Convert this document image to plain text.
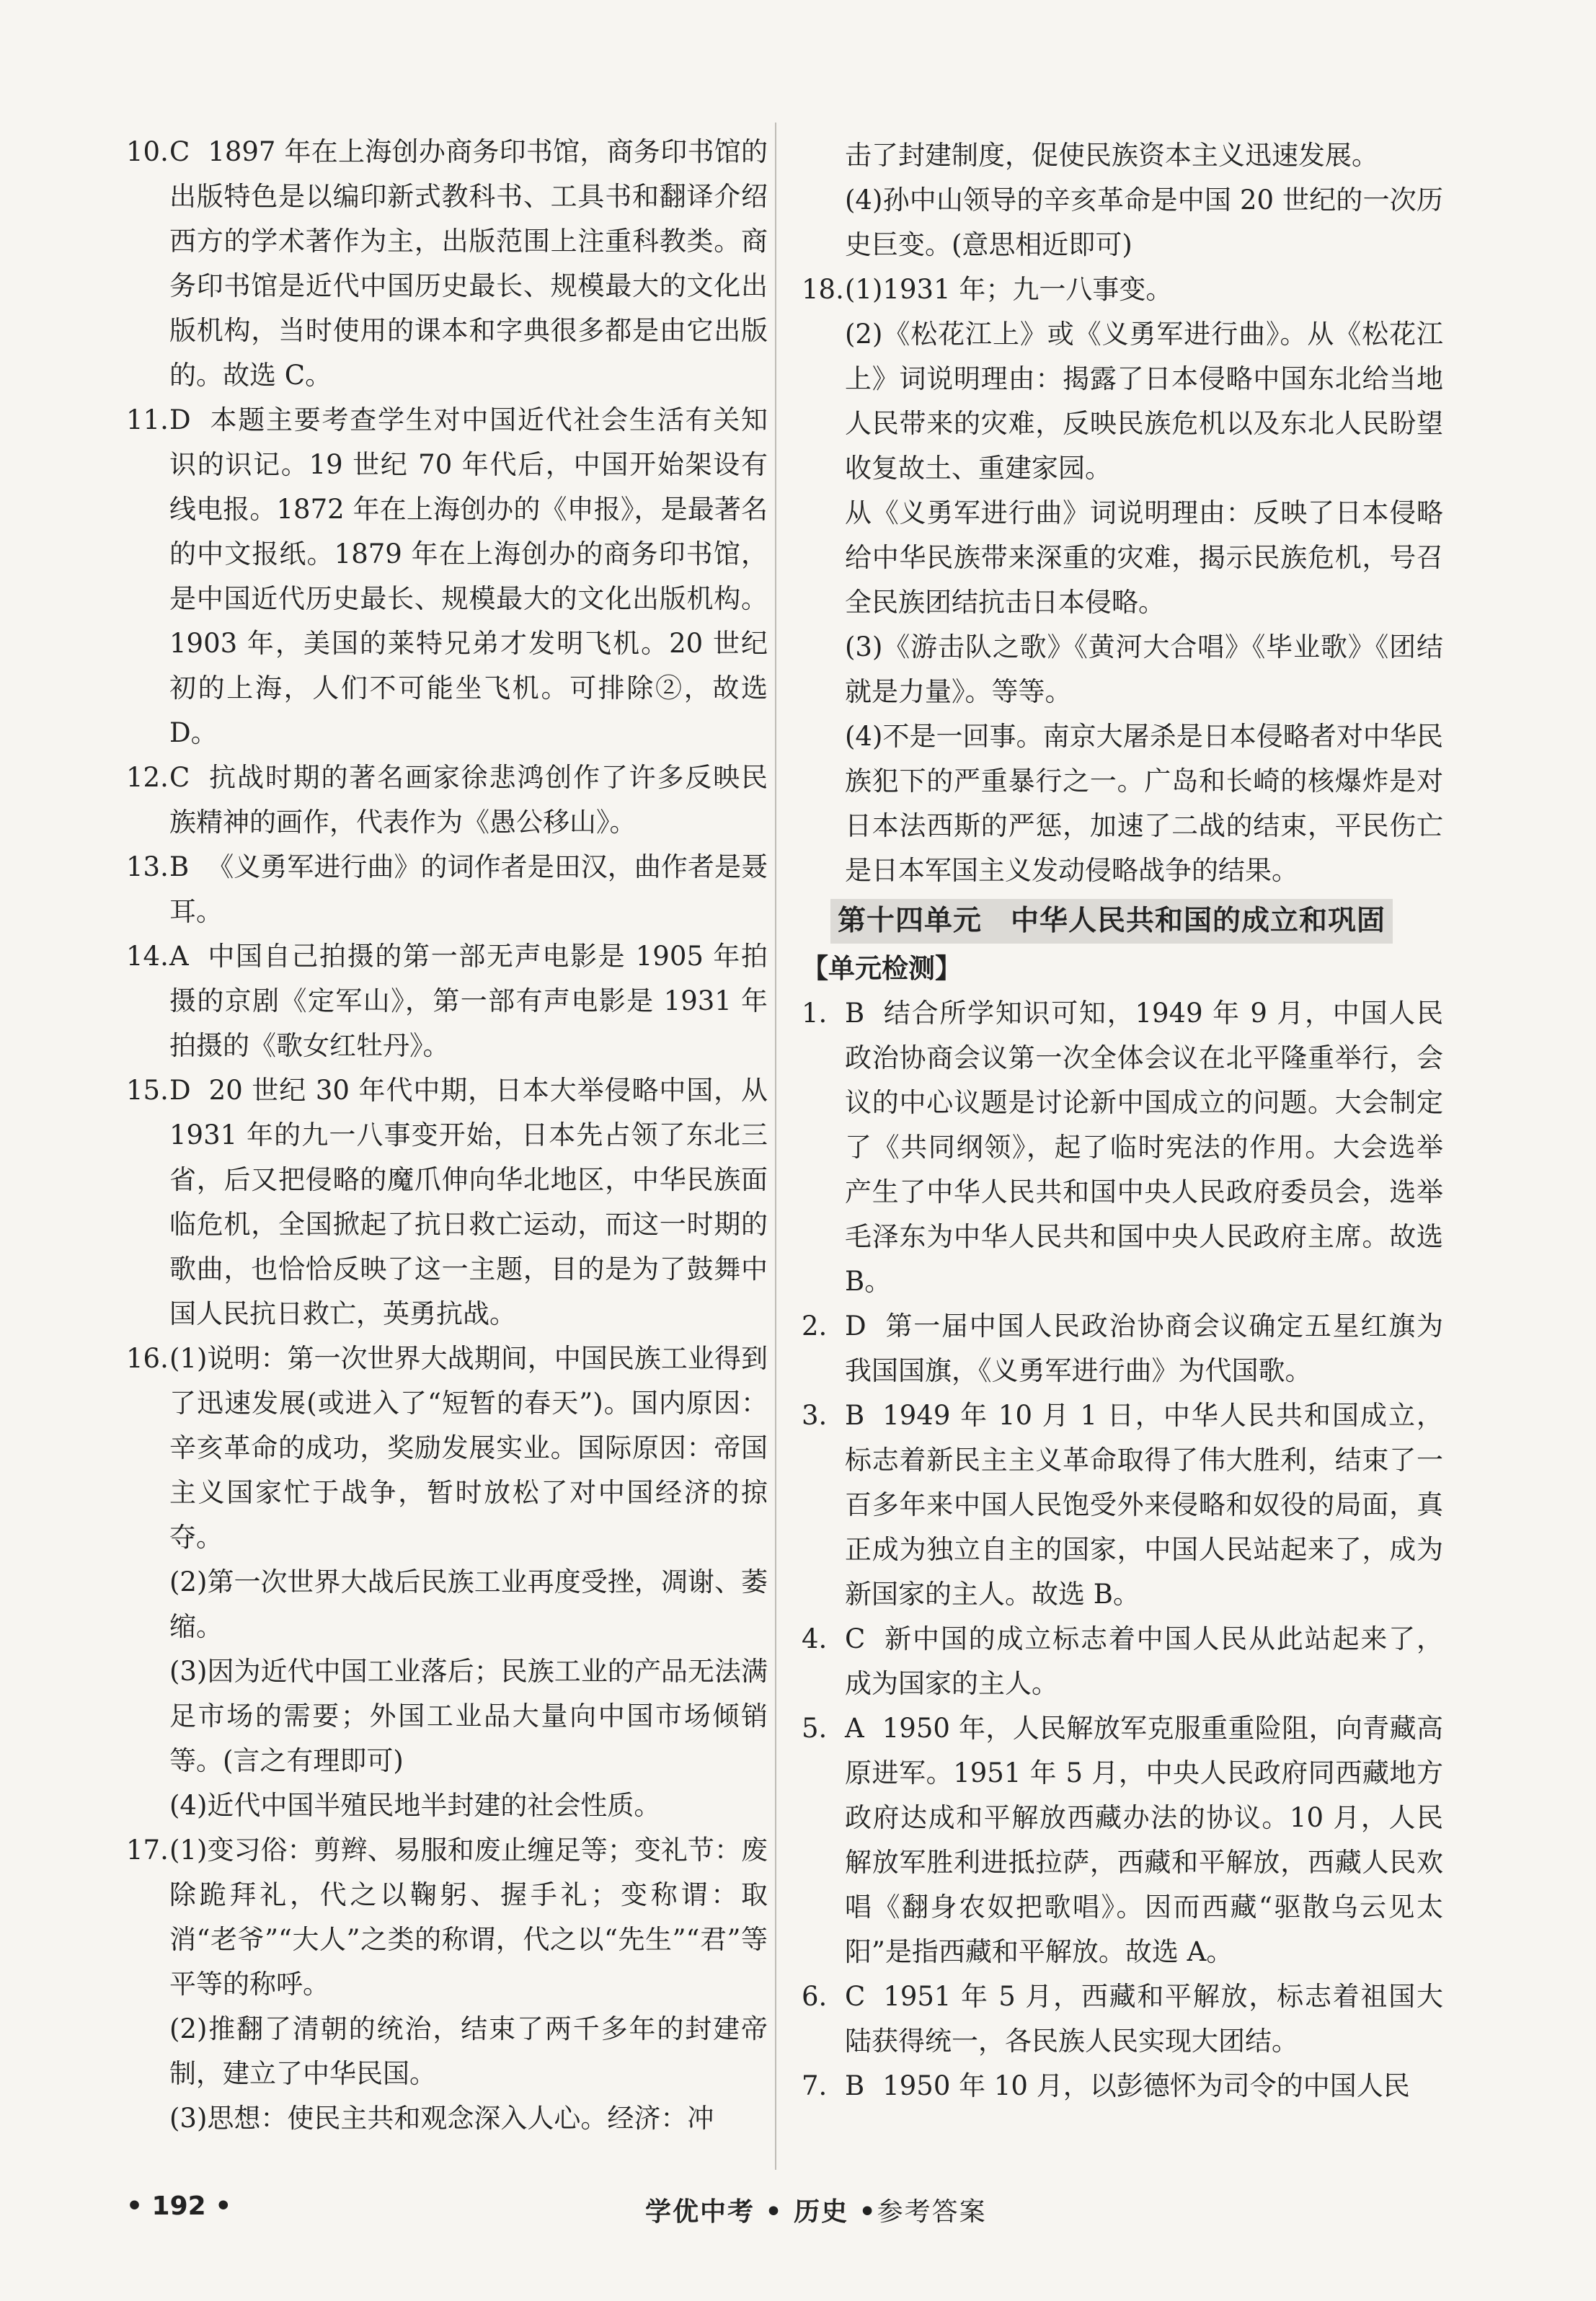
10. C 1897 年在上海创办商务印书馆，商务印书馆的出版特色是以编印新式教科书、工具书和翻译介绍西方的学术著作为主，出版范围上注重科教类。商务印书馆是近代中国历史最长、规模最大的文化出版机构，当时使用的课本和字典很多都是由它出版的。故选 C。

11. D 本题主要考查学生对中国近代社会生活有关知识的识记。19 世纪 70 年代后，中国开始架设有线电报。1872 年在上海创办的《申报》，是最著名的中文报纸。1879 年在上海创办的商务印书馆，是中国近代历史最长、规模最大的文化出版机构。1903 年，美国的莱特兄弟才发明飞机。20 世纪初的上海，人们不可能坐飞机。可排除②，故选 D。

12. C 抗战时期的著名画家徐悲鸿创作了许多反映民族精神的画作，代表作为《愚公移山》。

13. B 《义勇军进行曲》的词作者是田汉，曲作者是聂耳。

14. A 中国自己拍摄的第一部无声电影是 1905 年拍摄的京剧《定军山》，第一部有声电影是 1931 年拍摄的《歌女红牡丹》。

15. D 20 世纪 30 年代中期，日本大举侵略中国，从 1931 年的九一八事变开始，日本先占领了东北三省，后又把侵略的魔爪伸向华北地区，中华民族面临危机，全国掀起了抗日救亡运动，而这一时期的歌曲，也恰恰反映了这一主题，目的是为了鼓舞中国人民抗日救亡，英勇抗战。

16. (1)说明：第一次世界大战期间，中国民族工业得到了迅速发展(或进入了“短暂的春天”)。国内原因：辛亥革命的成功，奖励发展实业。国际原因：帝国主义国家忙于战争，暂时放松了对中国经济的掠夺。

(2)第一次世界大战后民族工业再度受挫，凋谢、萎缩。

(3)因为近代中国工业落后；民族工业的产品无法满足市场的需要；外国工业品大量向中国市场倾销等。(言之有理即可)

(4)近代中国半殖民地半封建的社会性质。

17. (1)变习俗：剪辫、易服和废止缠足等；变礼节：废除跪拜礼，代之以鞠躬、握手礼；变称谓：取消“老爷”“大人”之类的称谓，代之以“先生”“君”等平等的称呼。

(2)推翻了清朝的统治，结束了两千多年的封建帝制，建立了中华民国。

(3)思想：使民主共和观念深入人心。经济：冲

击了封建制度，促使民族资本主义迅速发展。

(4)孙中山领导的辛亥革命是中国 20 世纪的一次历史巨变。(意思相近即可)

18. (1)1931 年；九一八事变。

(2)《松花江上》或《义勇军进行曲》。从《松花江上》词说明理由：揭露了日本侵略中国东北给当地人民带来的灾难，反映民族危机以及东北人民盼望收复故土、重建家园。

从《义勇军进行曲》词说明理由：反映了日本侵略给中华民族带来深重的灾难，揭示民族危机，号召全民族团结抗击日本侵略。

(3)《游击队之歌》《黄河大合唱》《毕业歌》《团结就是力量》。等等。

(4)不是一回事。南京大屠杀是日本侵略者对中华民族犯下的严重暴行之一。广岛和长崎的核爆炸是对日本法西斯的严惩，加速了二战的结束，平民伤亡是日本军国主义发动侵略战争的结果。

第十四单元 中华人民共和国的成立和巩固

【单元检测】

1. B 结合所学知识可知，1949 年 9 月，中国人民政治协商会议第一次全体会议在北平隆重举行，会议的中心议题是讨论新中国成立的问题。大会制定了《共同纲领》，起了临时宪法的作用。大会选举产生了中华人民共和国中央人民政府委员会，选举毛泽东为中华人民共和国中央人民政府主席。故选 B。

2. D 第一届中国人民政治协商会议确定五星红旗为我国国旗，《义勇军进行曲》为代国歌。

3. B 1949 年 10 月 1 日，中华人民共和国成立，标志着新民主主义革命取得了伟大胜利，结束了一百多年来中国人民饱受外来侵略和奴役的局面，真正成为独立自主的国家，中国人民站起来了，成为新国家的主人。故选 B。

4. C 新中国的成立标志着中国人民从此站起来了，成为国家的主人。

5. A 1950 年，人民解放军克服重重险阻，向青藏高原进军。1951 年 5 月，中央人民政府同西藏地方政府达成和平解放西藏办法的协议。10 月，人民解放军胜利进抵拉萨，西藏和平解放，西藏人民欢唱《翻身农奴把歌唱》。因而西藏“驱散乌云见太阳”是指西藏和平解放。故选 A。

6. C 1951 年 5 月，西藏和平解放，标志着祖国大陆获得统一，各民族人民实现大团结。

7. B 1950 年 10 月，以彭德怀为司令的中国人民

• 192 •	学优中考 • 历史 •参考答案
